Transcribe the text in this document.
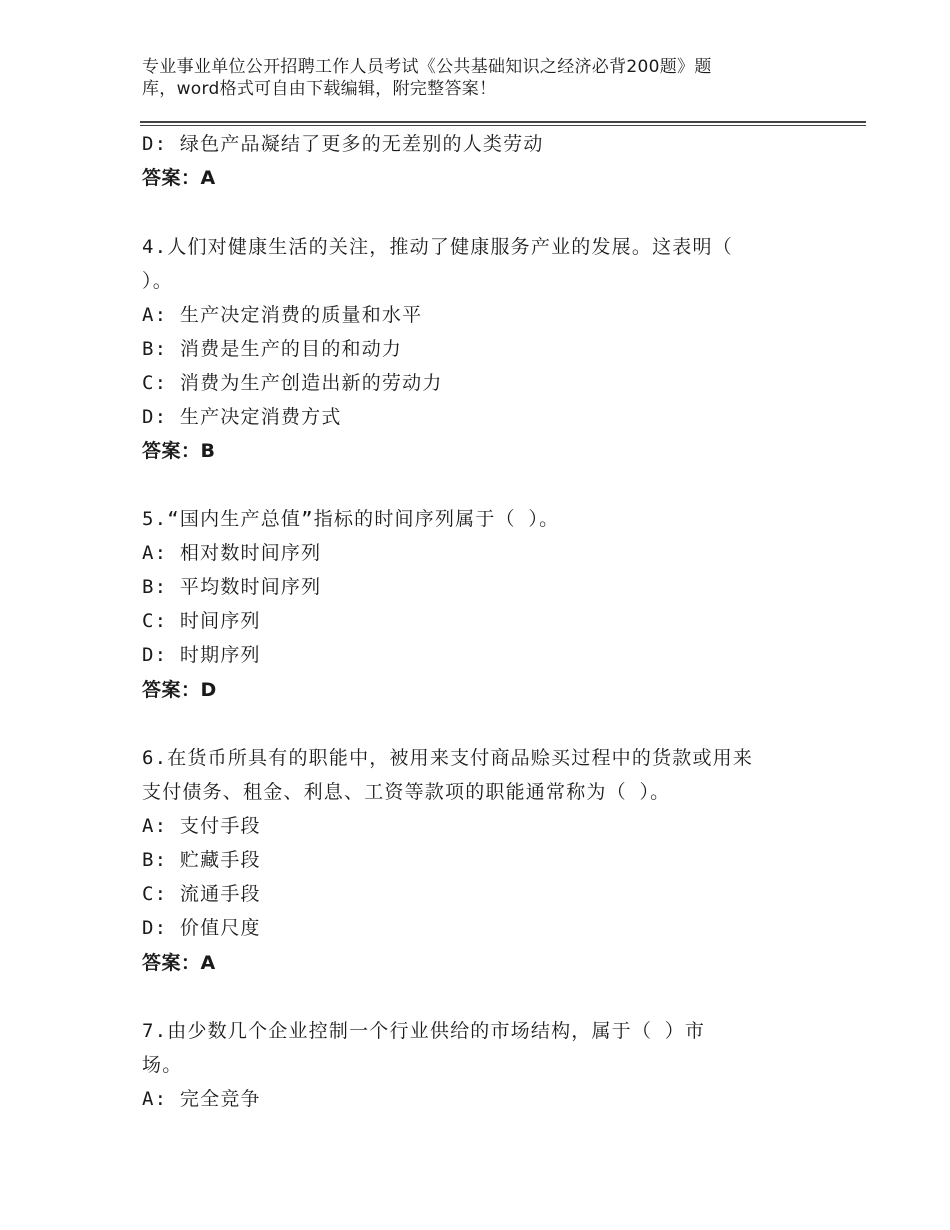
专业事业单位公开招聘工作人员考试《公共基础知识之经济必背200题》题
库，word格式可自由下载编辑，附完整答案！
D: 绿色产品凝结了更多的无差别的人类劳动
答案：A
4.人们对健康生活的关注，推动了健康服务产业的发展。这表明（
）。
A: 生产决定消费的质量和水平
B: 消费是生产的目的和动力
C: 消费为生产创造出新的劳动力
D: 生产决定消费方式
答案：B
5.“国内生产总值”指标的时间序列属于（ ）。
A: 相对数时间序列
B: 平均数时间序列
C: 时间序列
D: 时期序列
答案：D
6.在货币所具有的职能中，被用来支付商品赊买过程中的货款或用来
支付债务、租金、利息、工资等款项的职能通常称为（ ）。
A: 支付手段
B: 贮藏手段
C: 流通手段
D: 价值尺度
答案：A
7.由少数几个企业控制一个行业供给的市场结构，属于（ ）市
场。
A: 完全竞争
